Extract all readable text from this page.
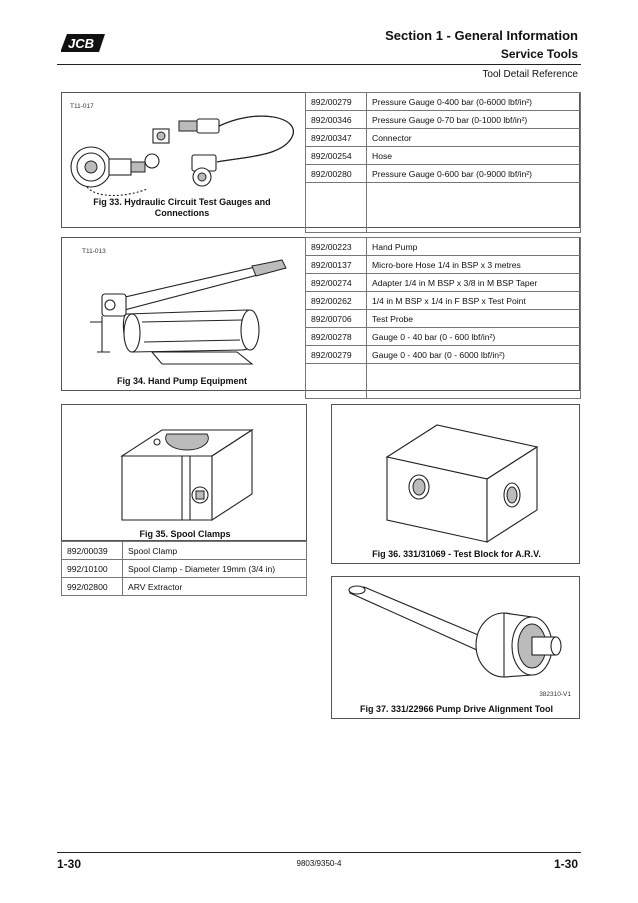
JCB
Section 1 - General Information
Service Tools
Tool Detail Reference
T11-017
Fig 33. Hydraulic Circuit Test Gauges and
Connections
892/00279	Pressure Gauge 0-400 bar (0-6000 lbf/in²)
892/00346	Pressure Gauge 0-70 bar (0-1000 lbf/in²)
892/00347	Connector
892/00254	Hose
892/00280	Pressure Gauge 0-600 bar (0-9000 lbf/in²)

T11-013
Fig 34. Hand Pump Equipment
892/00223	Hand Pump
892/00137	Micro-bore Hose 1/4 in BSP x 3 metres
892/00274	Adapter 1/4 in M BSP x 3/8 in M BSP Taper
892/00262	1/4 in M BSP x 1/4 in F BSP x Test Point
892/00706	Test Probe
892/00278	Gauge 0 - 40 bar (0 - 600 lbf/in²)
892/00279	Gauge 0 - 400 bar (0 - 6000 lbf/in²)

Fig 35. Spool Clamps
892/00039	Spool Clamp
992/10100	Spool Clamp - Diameter 19mm (3/4 in)
992/02800	ARV Extractor
Fig 36. 331/31069 - Test Block for A.R.V.
382310-V1
Fig 37. 331/22966 Pump Drive Alignment Tool
1-30	9803/9350-4	1-30
